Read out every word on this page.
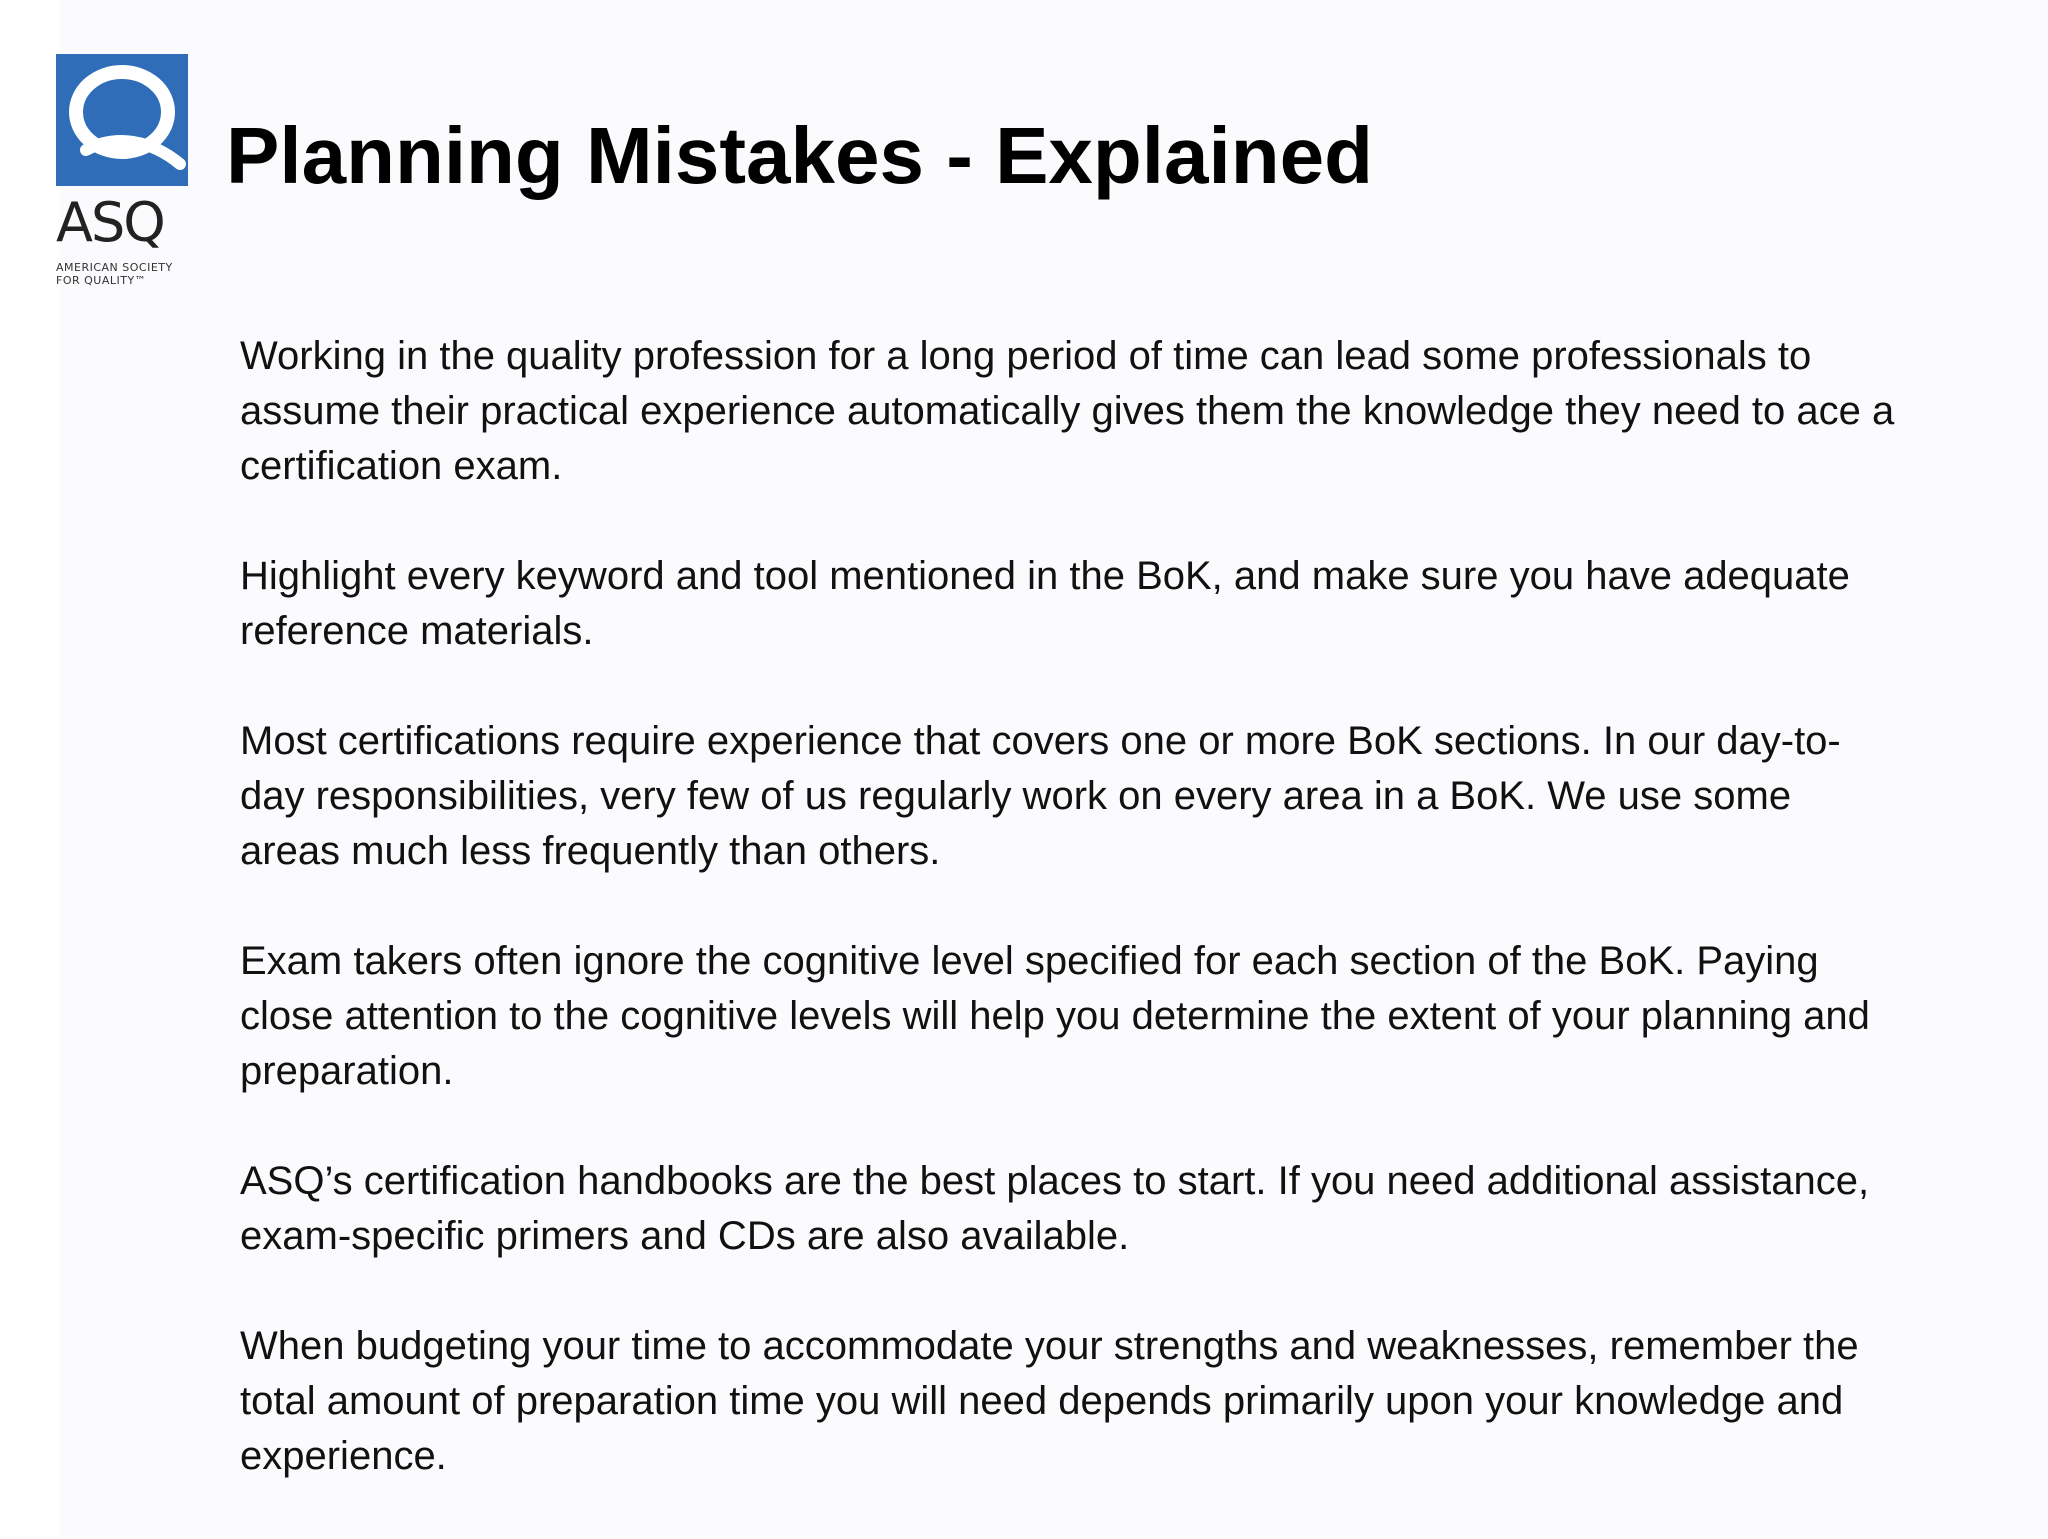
ASQ
AMERICAN SOCIETY FOR QUALITY™
Planning Mistakes - Explained

Working in the quality profession for a long period of time can lead some professionals to assume their practical experience automatically gives them the knowledge they need to ace a certification exam.

Highlight every keyword and tool mentioned in the BoK, and make sure you have adequate reference materials.

Most certifications require experience that covers one or more BoK sections. In our day-to-day responsibilities, very few of us regularly work on every area in a BoK. We use some areas much less frequently than others.

Exam takers often ignore the cognitive level specified for each section of the BoK. Paying close attention to the cognitive levels will help you determine the extent of your planning and preparation.

ASQ’s certification handbooks are the best places to start. If you need additional assistance, exam-specific primers and CDs are also available.

When budgeting your time to accommodate your strengths and weaknesses, remember the total amount of preparation time you will need depends primarily upon your knowledge and experience.
